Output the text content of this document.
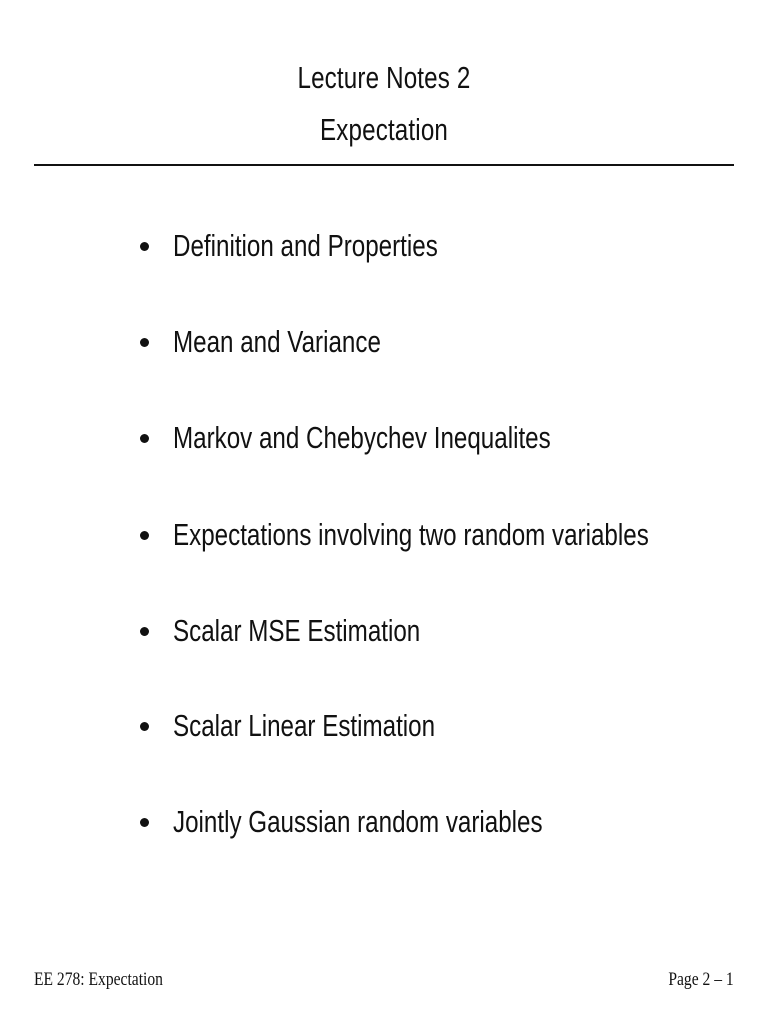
Lecture Notes 2
Expectation
Definition and Properties
Mean and Variance
Markov and Chebychev Inequalites
Expectations involving two random variables
Scalar MSE Estimation
Scalar Linear Estimation
Jointly Gaussian random variables
EE 278: Expectation	Page 2 – 1
